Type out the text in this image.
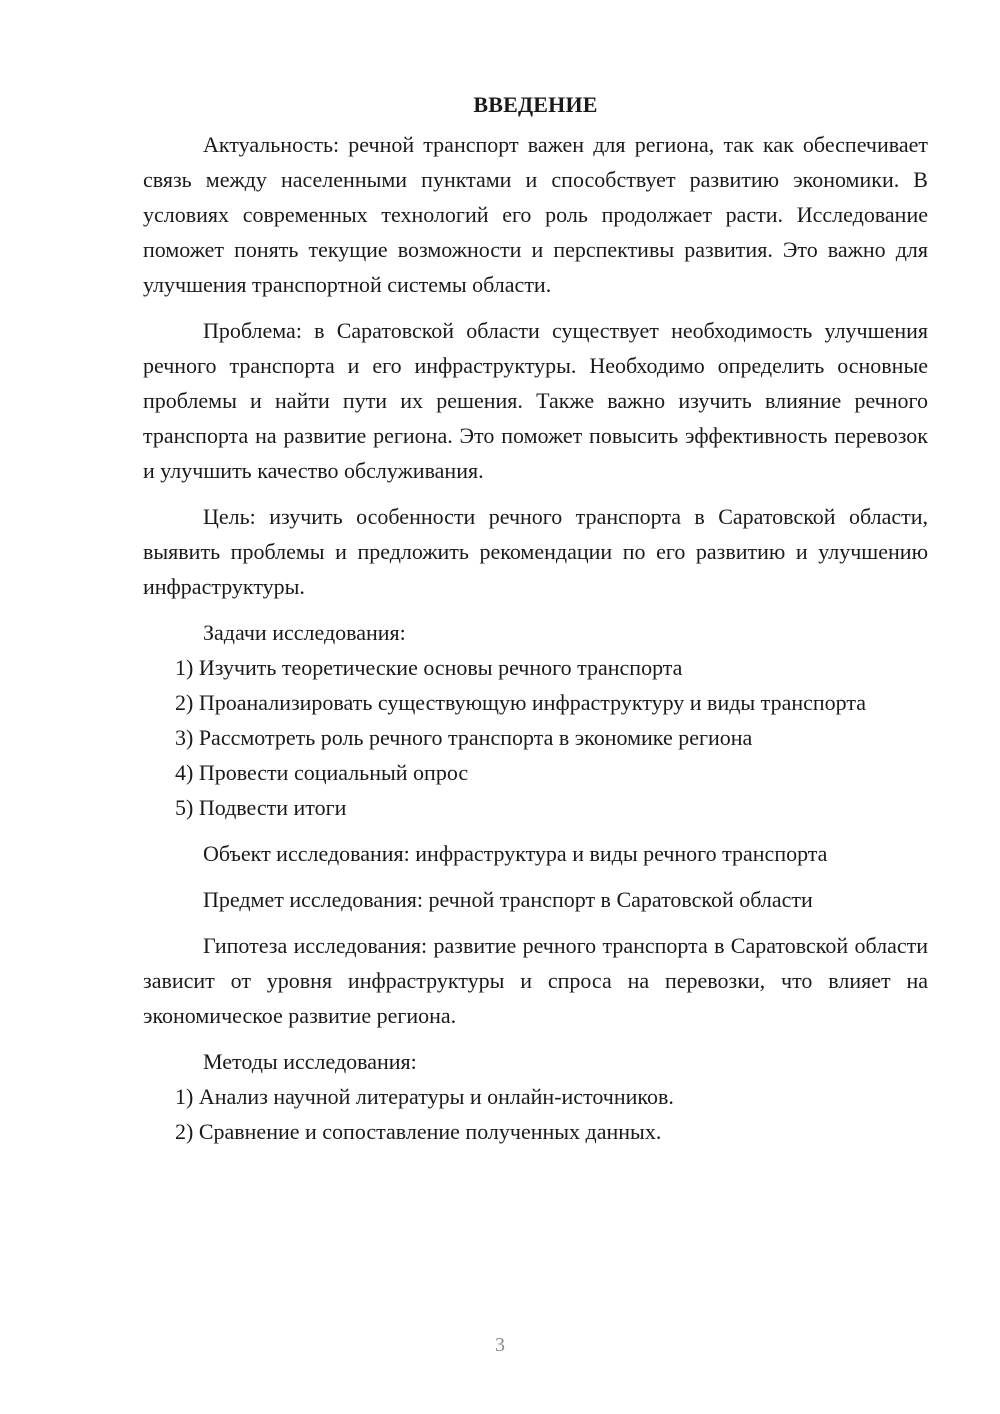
ВВЕДЕНИЕ

Актуальность: речной транспорт важен для региона, так как обеспечивает связь между населенными пунктами и способствует развитию экономики. В условиях современных технологий его роль продолжает расти. Исследование поможет понять текущие возможности и перспективы развития. Это важно для улучшения транспортной системы области.

Проблема: в Саратовской области существует необходимость улучшения речного транспорта и его инфраструктуры. Необходимо определить основные проблемы и найти пути их решения. Также важно изучить влияние речного транспорта на развитие региона. Это поможет повысить эффективность перевозок и улучшить качество обслуживания.

Цель: изучить особенности речного транспорта в Саратовской области, выявить проблемы и предложить рекомендации по его развитию и улучшению инфраструктуры.

Задачи исследования:

1) Изучить теоретические основы речного транспорта

2) Проанализировать существующую инфраструктуру и виды транспорта

3) Рассмотреть роль речного транспорта в экономике региона

4) Провести социальный опрос

5) Подвести итоги

Объект исследования: инфраструктура и виды речного транспорта

Предмет исследования: речной транспорт в Саратовской области

Гипотеза исследования: развитие речного транспорта в Саратовской области зависит от уровня инфраструктуры и спроса на перевозки, что влияет на экономическое развитие региона.

Методы исследования:

1) Анализ научной литературы и онлайн-источников.

2) Сравнение и сопоставление полученных данных.

3
